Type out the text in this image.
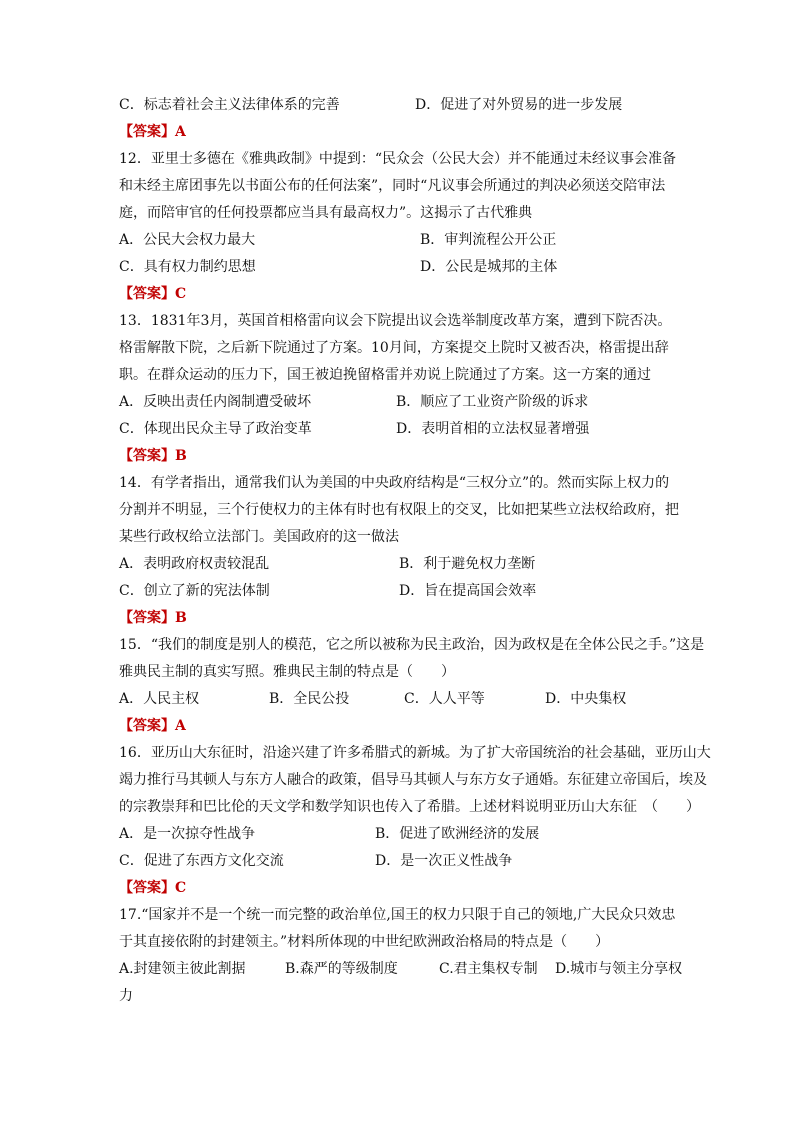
C．标志着社会主义法律体系的完善	D．促进了对外贸易的进一步发展
【答案】A
12．亚里士多德在《雅典政制》中提到：“民众会（公民大会）并不能通过未经议事会准备
和未经主席团事先以书面公布的任何法案”，同时“凡议事会所通过的判决必须送交陪审法
庭，而陪审官的任何投票都应当具有最高权力”。这揭示了古代雅典
A．公民大会权力最大	B．审判流程公开公正
C．具有权力制约思想	D．公民是城邦的主体
【答案】C
13．1831年3月，英国首相格雷向议会下院提出议会选举制度改革方案，遭到下院否决。
格雷解散下院，之后新下院通过了方案。10月间，方案提交上院时又被否决，格雷提出辞
职。在群众运动的压力下，国王被迫挽留格雷并劝说上院通过了方案。这一方案的通过
A．反映出责任内阁制遭受破坏	B．顺应了工业资产阶级的诉求
C．体现出民众主导了政治变革	D．表明首相的立法权显著增强
【答案】B
14．有学者指出，通常我们认为美国的中央政府结构是“三权分立”的。然而实际上权力的
分割并不明显，三个行使权力的主体有时也有权限上的交叉，比如把某些立法权给政府，把
某些行政权给立法部门。美国政府的这一做法
A．表明政府权责较混乱	B．利于避免权力垄断
C．创立了新的宪法体制	D．旨在提高国会效率
【答案】B
15．“我们的制度是别人的模范，它之所以被称为民主政治，因为政权是在全体公民之手。”这是
雅典民主制的真实写照。雅典民主制的特点是（　　）
A．人民主权	B．全民公投	C．人人平等	D．中央集权
【答案】A
16．亚历山大东征时，沿途兴建了许多希腊式的新城。为了扩大帝国统治的社会基础，亚历山大
竭力推行马其顿人与东方人融合的政策，倡导马其顿人与东方女子通婚。东征建立帝国后，埃及
的宗教崇拜和巴比伦的天文学和数学知识也传入了希腊。上述材料说明亚历山大东征　（　　）
A．是一次掠夺性战争	B．促进了欧洲经济的发展
C．促进了东西方文化交流	D．是一次正义性战争
【答案】C
17.“国家并不是一个统一而完整的政治单位,国王的权力只限于自己的领地,广大民众只效忠
于其直接依附的封建领主。”材料所体现的中世纪欧洲政治格局的特点是（　　）
A.封建领主彼此割据	B.森严的等级制度	C.君主集权专制 D.城市与领主分享权
力
